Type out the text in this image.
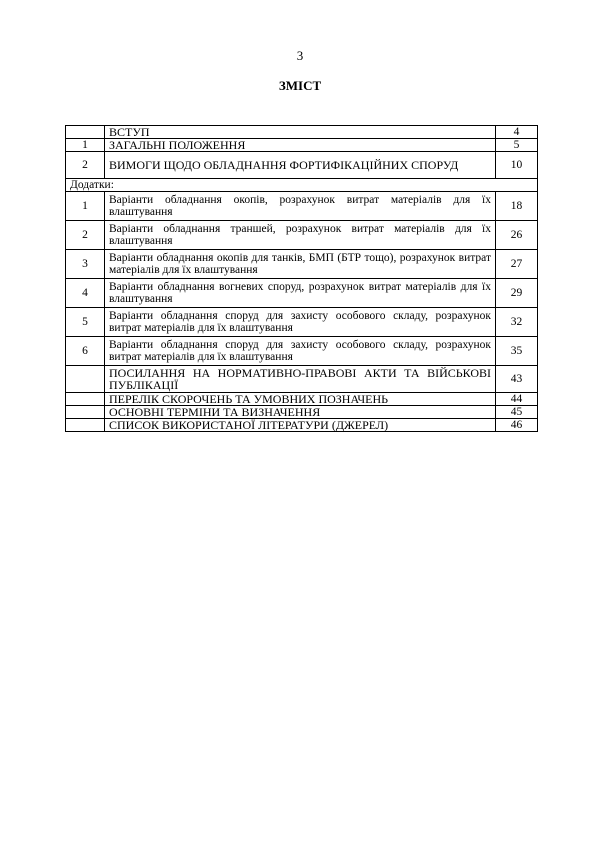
3
ЗМІСТ
	ВСТУП	4
1	ЗАГАЛЬНІ ПОЛОЖЕННЯ	5
2	ВИМОГИ ЩОДО ОБЛАДНАННЯ ФОРТИФІКАЦІЙНИХ СПОРУД	10
Додатки:		
1	Варіанти обладнання окопів, розрахунок витрат матеріалів для їх влаштування	18
2	Варіанти обладнання траншей, розрахунок витрат матеріалів для їх влаштування	26
3	Варіанти обладнання окопів для танків, БМП (БТР тощо), розрахунок витрат матеріалів для їх влаштування	27
4	Варіанти обладнання вогневих споруд, розрахунок витрат матеріалів для їх влаштування	29
5	Варіанти обладнання споруд для захисту особового складу, розрахунок витрат матеріалів для їх влаштування	32
6	Варіанти обладнання споруд для захисту особового складу, розрахунок витрат матеріалів для їх влаштування	35
	ПОСИЛАННЯ НА НОРМАТИВНО-ПРАВОВІ АКТИ ТА ВІЙСЬКОВІ ПУБЛІКАЦІЇ	43
	ПЕРЕЛІК СКОРОЧЕНЬ ТА УМОВНИХ ПОЗНАЧЕНЬ	44
	ОСНОВНІ ТЕРМІНИ ТА ВИЗНАЧЕННЯ	45
	СПИСОК ВИКОРИСТАНОЇ ЛІТЕРАТУРИ (ДЖЕРЕЛ)	46
